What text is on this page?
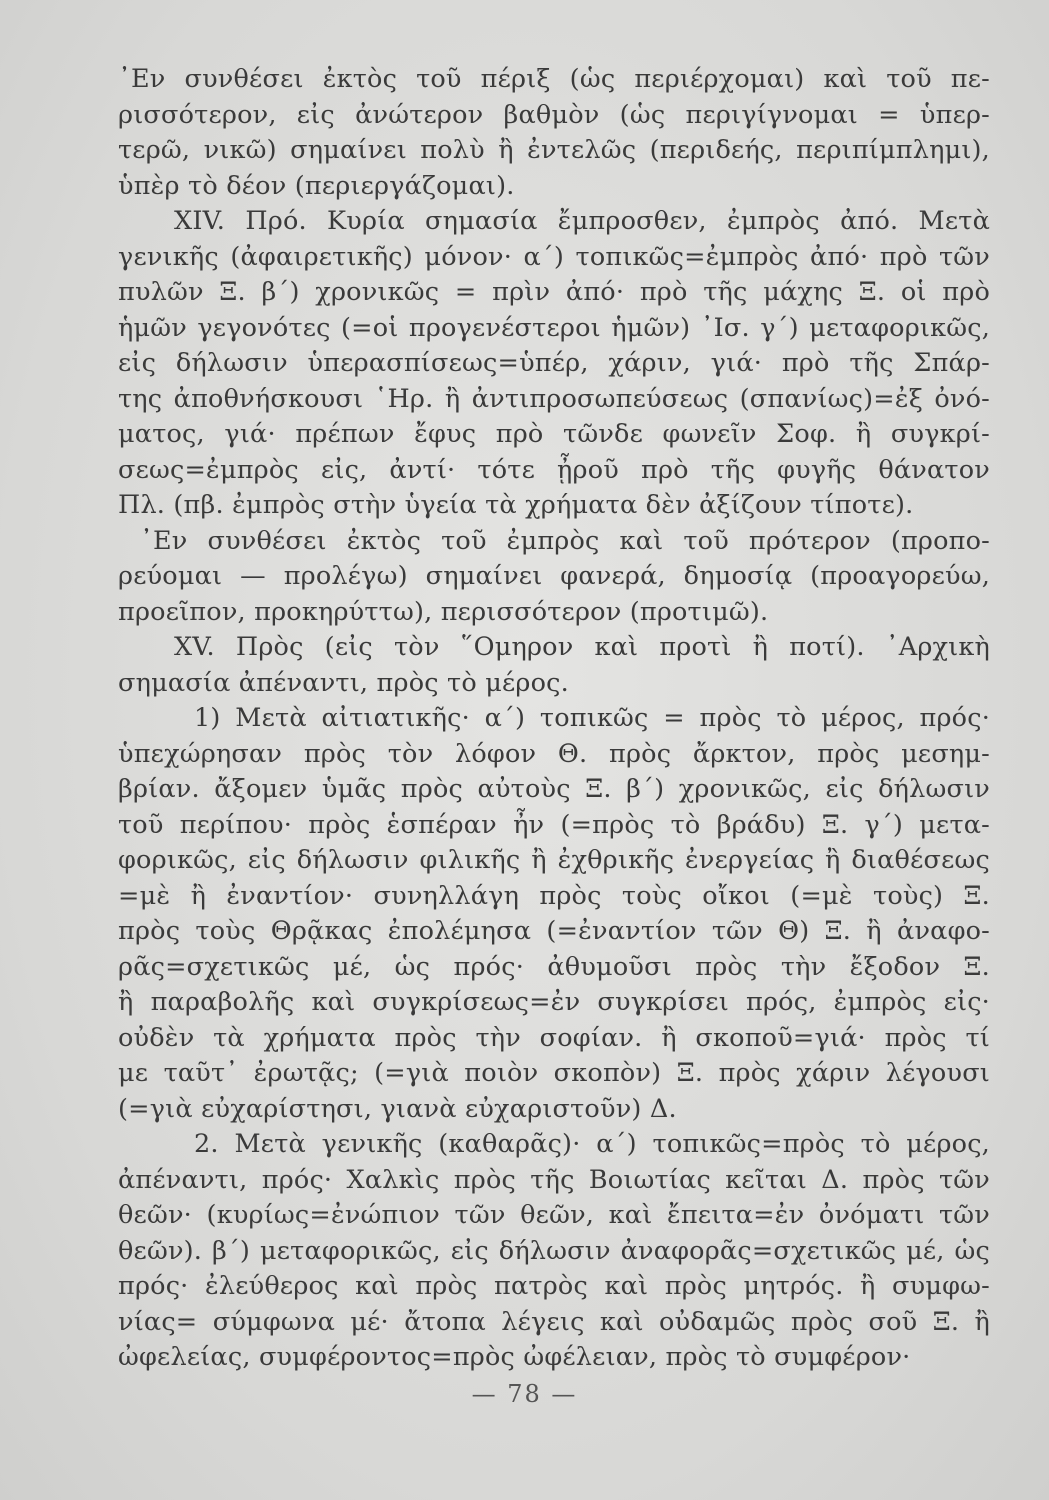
᾿Εν συνθέσει ἐκτὸς τοῦ πέριξ (ὡς περιέρχομαι) καὶ τοῦ πε-
ρισσότερον, εἰς ἀνώτερον βαθμὸν (ὡς περιγίγνομαι = ὑπερ-
τερῶ, νικῶ) σημαίνει πολὺ ἢ ἐντελῶς (περιδεής, περιπίμπλημι),
ὑπὲρ τὸ δέον (περιεργάζομαι).
XIV. Πρό. Κυρία σημασία ἔμπροσθεν, ἐμπρὸς ἀπό. Μετὰ
γενικῆς (ἀφαιρετικῆς) μόνον· α΄) τοπικῶς=ἐμπρὸς ἀπό· πρὸ τῶν
πυλῶν Ξ. β΄) χρονικῶς = πρὶν ἀπό· πρὸ τῆς μάχης Ξ. οἱ πρὸ
ἡμῶν γεγονότες (=οἱ προγενέστεροι ἡμῶν) ᾿Ισ. γ΄) μεταφορικῶς,
εἰς δήλωσιν ὑπερασπίσεως=ὑπέρ, χάριν, γιά· πρὸ τῆς Σπάρ-
της ἀποθνήσκουσι ῾Ηρ. ἢ ἀντιπροσωπεύσεως (σπανίως)=ἐξ ὀνό-
ματος, γιά· πρέπων ἔφυς πρὸ τῶνδε φωνεῖν Σοφ. ἢ συγκρί-
σεως=ἐμπρὸς εἰς, ἀντί· τότε ᾖροῦ πρὸ τῆς φυγῆς θάνατον
Πλ. (πβ. ἐμπρὸς στὴν ὑγεία τὰ χρήματα δὲν ἀξίζουν τίποτε).
᾿Εν συνθέσει ἐκτὸς τοῦ ἐμπρὸς καὶ τοῦ πρότερον (προπο-
ρεύομαι — προλέγω) σημαίνει φανερά, δημοσίᾳ (προαγορεύω,
προεῖπον, προκηρύττω), περισσότερον (προτιμῶ).
XV. Πρὸς (εἰς τὸν ῞Ομηρον καὶ προτὶ ἢ ποτί). ᾿Αρχικὴ
σημασία ἀπέναντι, πρὸς τὸ μέρος.
1) Μετὰ αἰτιατικῆς· α΄) τοπικῶς = πρὸς τὸ μέρος, πρός·
ὑπεχώρησαν πρὸς τὸν λόφον Θ. πρὸς ἄρκτον, πρὸς μεσημ-
βρίαν. ἄξομεν ὑμᾶς πρὸς αὐτοὺς Ξ. β΄) χρονικῶς, εἰς δήλωσιν
τοῦ περίπου· πρὸς ἑσπέραν ἦν (=πρὸς τὸ βράδυ) Ξ. γ΄) μετα-
φορικῶς, εἰς δήλωσιν φιλικῆς ἢ ἐχθρικῆς ἐνεργείας ἢ διαθέσεως
=μὲ ἢ ἐναντίον· συνηλλάγη πρὸς τοὺς οἴκοι (=μὲ τοὺς) Ξ.
πρὸς τοὺς Θρᾷκας ἐπολέμησα (=ἐναντίον τῶν Θ) Ξ. ἢ ἀναφο-
ρᾶς=σχετικῶς μέ, ὡς πρός· ἀθυμοῦσι πρὸς τὴν ἔξοδον Ξ.
ἢ παραβολῆς καὶ συγκρίσεως=ἐν συγκρίσει πρός, ἐμπρὸς εἰς·
οὐδὲν τὰ χρήματα πρὸς τὴν σοφίαν. ἢ σκοποῦ=γιά· πρὸς τί
με ταῦτ᾿ ἐρωτᾷς; (=γιὰ ποιὸν σκοπὸν) Ξ. πρὸς χάριν λέγουσι
(=γιὰ εὐχαρίστησι, γιανὰ εὐχαριστοῦν) Δ.
2. Μετὰ γενικῆς (καθαρᾶς)· α΄) τοπικῶς=πρὸς τὸ μέρος,
ἀπέναντι, πρός· Χαλκὶς πρὸς τῆς Βοιωτίας κεῖται Δ. πρὸς τῶν
θεῶν· (κυρίως=ἐνώπιον τῶν θεῶν, καὶ ἔπειτα=ἐν ὀνόματι τῶν
θεῶν). β΄) μεταφορικῶς, εἰς δήλωσιν ἀναφορᾶς=σχετικῶς μέ, ὡς
πρός· ἐλεύθερος καὶ πρὸς πατρὸς καὶ πρὸς μητρός. ἢ συμφω-
νίας= σύμφωνα μέ· ἄτοπα λέγεις καὶ οὐδαμῶς πρὸς σοῦ Ξ. ἢ
ὠφελείας, συμφέροντος=πρὸς ὠφέλειαν, πρὸς τὸ συμφέρον·
— 78 —
